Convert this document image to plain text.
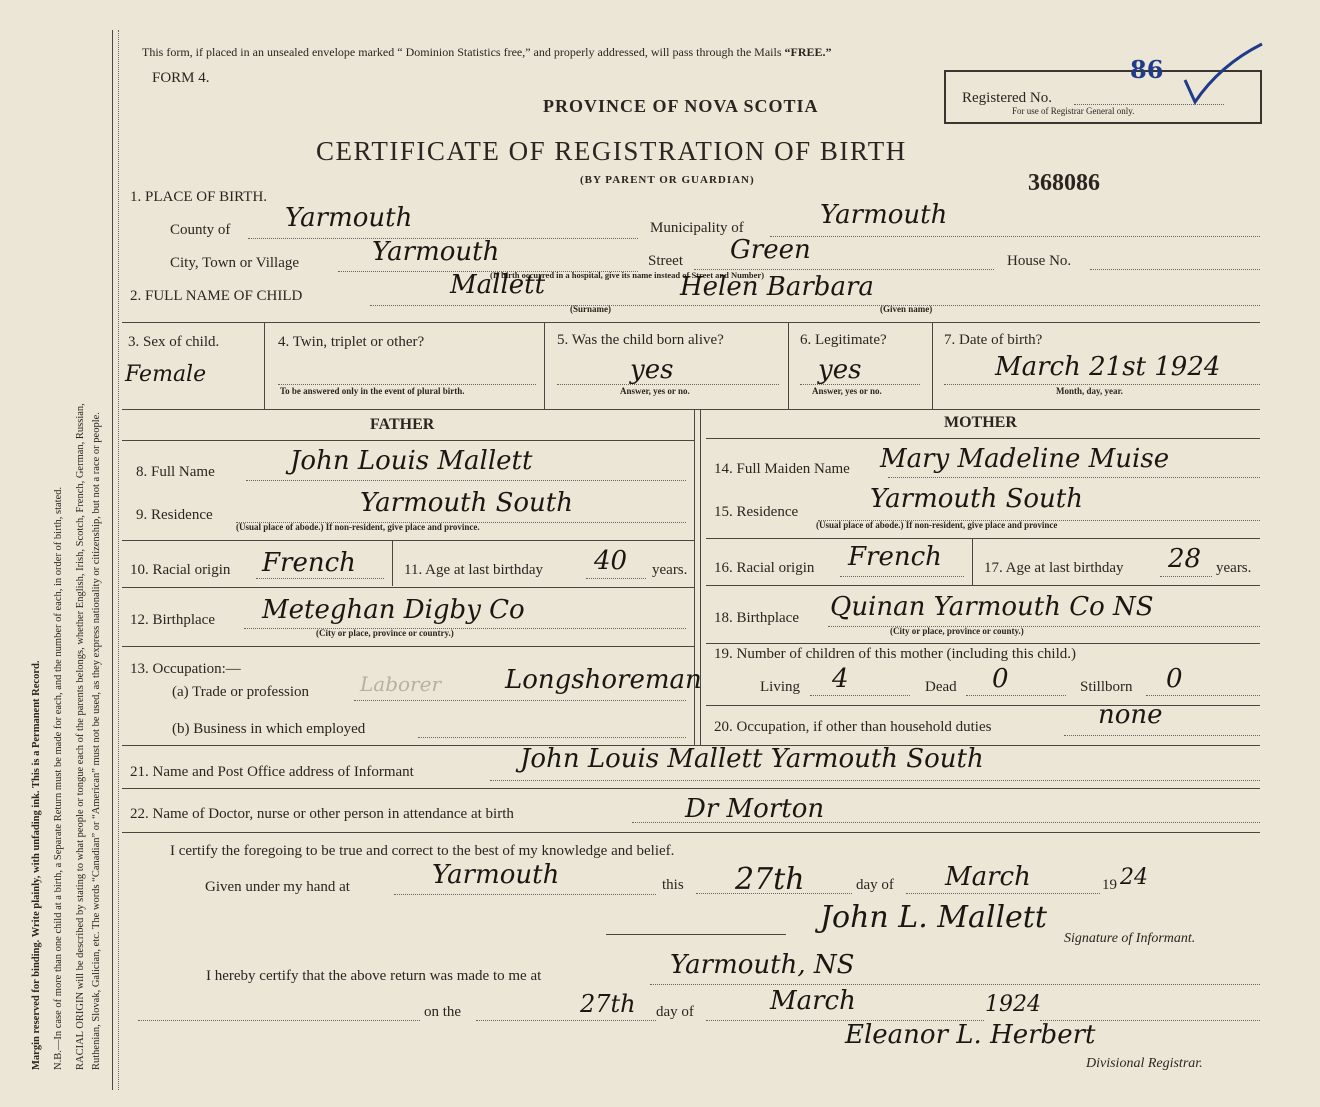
Margin reserved for binding. Write plainly, with unfading ink. This is a Permanent Record. N.B.—In case of more than one child at a birth, a Separate Return must be made for each, and the number of each, in order of birth, stated. RACIAL ORIGIN will be described by stating to what people or tongue each of the parents belongs, whether English, Irish, Scotch, French, German, Russian, Ruthenian, Slovak, Galician, etc. The words “Canadian” or “American” must not be used, as they express nationality or citizenship, but not a race or people.
This form, if placed in an unsealed envelope marked “ Dominion Statistics free,” and properly addressed, will pass through the Mails “FREE.”
FORM 4.
PROVINCE OF NOVA SCOTIA	Registered No.
86
For use of Registrar General only.
CERTIFICATE OF REGISTRATION OF BIRTH
(BY PARENT OR GUARDIAN)	368086
1. PLACE OF BIRTH.
County of Yarmouth	Municipality of	Yarmouth
City, Town or Village	Yarmouth	Street Green	House No.
(If birth occurred in a hospital, give its name instead of Street and Number)
2. FULL NAME OF CHILD	Mallett	Helen Barbara
(Surname)	(Given name)
3. Sex of child.
Female
4. Twin, triplet or other?
To be answered only in the event of plural birth.
5. Was the child born alive?
yes
Answer, yes or no.
6. Legitimate?
yes
Answer, yes or no.
7. Date of birth?
March 21st 1924
Month, day, year.
FATHER	MOTHER
8. Full Name	John Louis Mallett
9. Residence	Yarmouth South
(Usual place of abode.) If non-resident, give place and province.
10. Racial origin French	11. Age at last birthday 40 years.
12. Birthplace Meteghan Digby Co
(City or place, province or country.)
13. Occupation:—
(a) Trade or profession	Laborer Longshoreman
(b) Business in which employed
14. Full Maiden Name Mary Madeline Muise
15. Residence	Yarmouth South
(Usual place of abode.) If non-resident, give place and province
16. Racial origin French	17. Age at last birthday 28 years.
18. Birthplace Quinan Yarmouth Co NS
(City or place, province or county.)
19. Number of children of this mother (including this child.)
Living 4	Dead 0	Stillborn 0
20. Occupation, if other than household duties	none
21. Name and Post Office address of Informant	John Louis Mallett Yarmouth South
22. Name of Doctor, nurse or other person in attendance at birth	Dr Morton
I certify the foregoing to be true and correct to the best of my knowledge and belief.
Given under my hand at	Yarmouth	this 27th	day of March	19 24
John L. Mallett
Signature of Informant.
I hereby certify that the above return was made to me at	Yarmouth, NS
on the	27th day of	March	1924
Eleanor L. Herbert
Divisional Registrar.
